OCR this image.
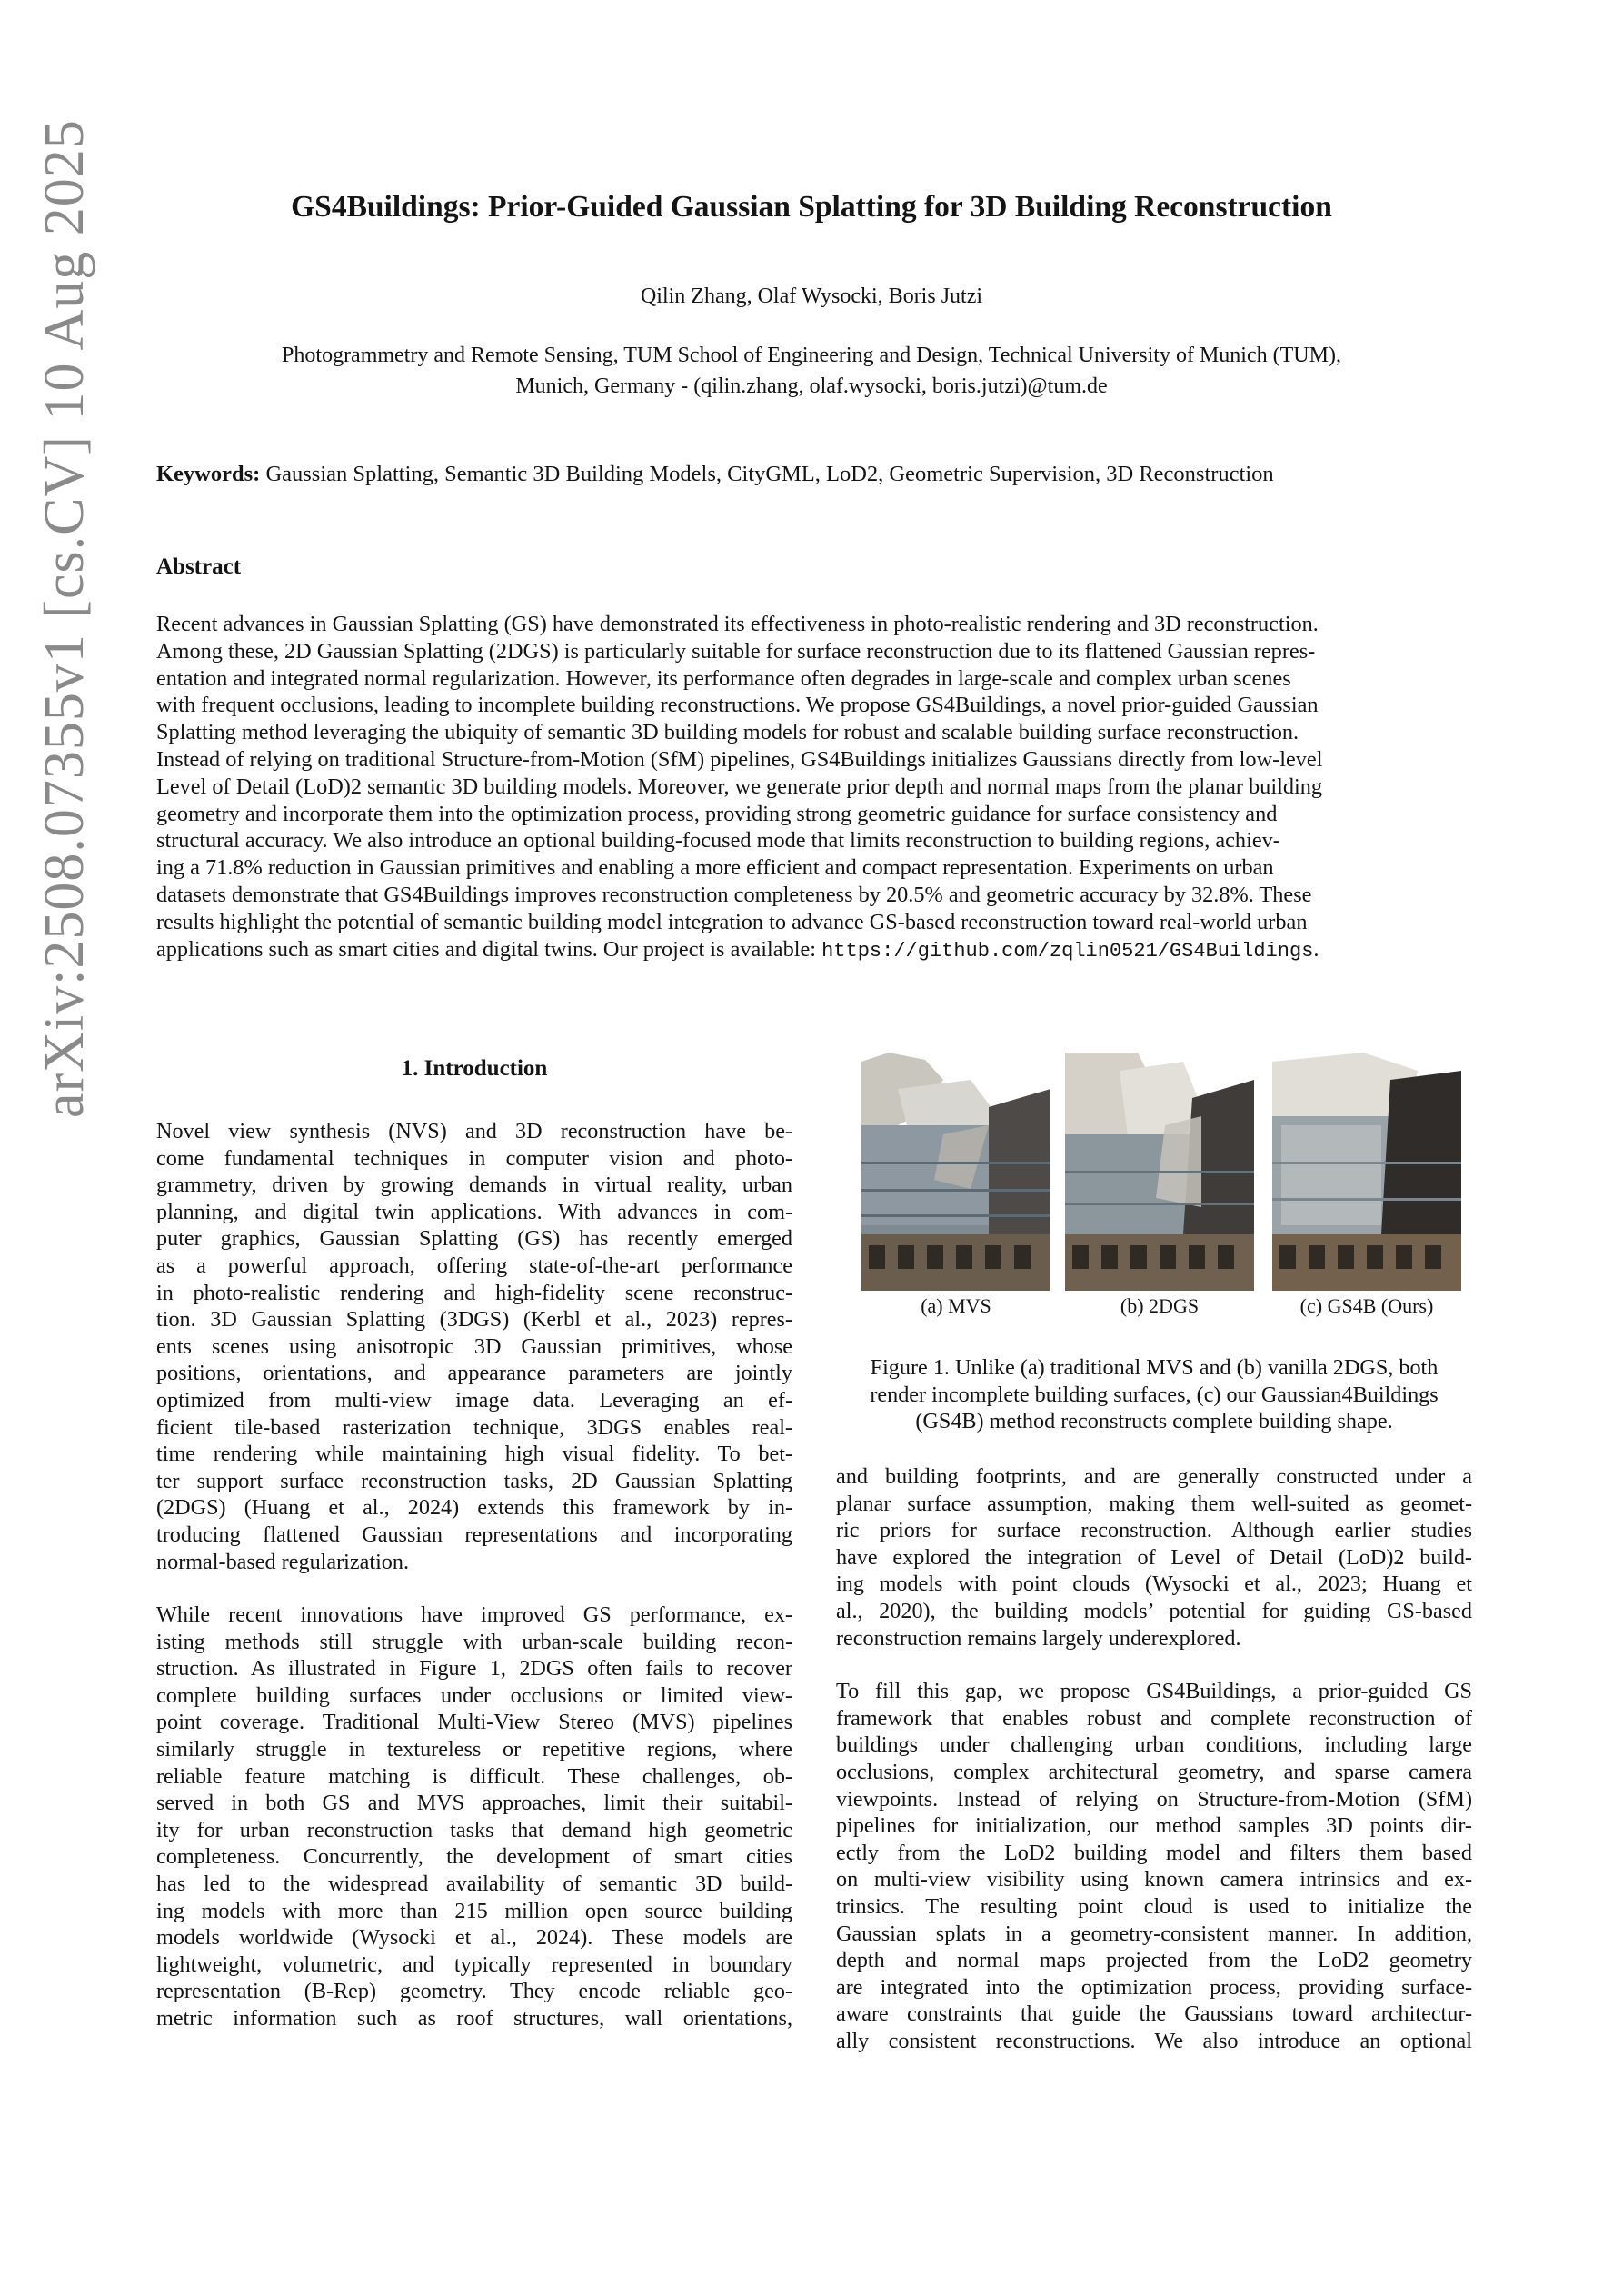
arXiv:2508.07355v1 [cs.CV] 10 Aug 2025	GS4Buildings: Prior-Guided Gaussian Splatting for 3D Building Reconstruction
Qilin Zhang, Olaf Wysocki, Boris Jutzi
Photogrammetry and Remote Sensing, TUM School of Engineering and Design, Technical University of Munich (TUM),
Munich, Germany - (qilin.zhang, olaf.wysocki, boris.jutzi)@tum.de
Keywords: Gaussian Splatting, Semantic 3D Building Models, CityGML, LoD2, Geometric Supervision, 3D Reconstruction
Abstract
Recent advances in Gaussian Splatting (GS) have demonstrated its effectiveness in photo-realistic rendering and 3D reconstruction.
Among these, 2D Gaussian Splatting (2DGS) is particularly suitable for surface reconstruction due to its flattened Gaussian repres-
entation and integrated normal regularization. However, its performance often degrades in large-scale and complex urban scenes
with frequent occlusions, leading to incomplete building reconstructions. We propose GS4Buildings, a novel prior-guided Gaussian
Splatting method leveraging the ubiquity of semantic 3D building models for robust and scalable building surface reconstruction.
Instead of relying on traditional Structure-from-Motion (SfM) pipelines, GS4Buildings initializes Gaussians directly from low-level
Level of Detail (LoD)2 semantic 3D building models. Moreover, we generate prior depth and normal maps from the planar building
geometry and incorporate them into the optimization process, providing strong geometric guidance for surface consistency and
structural accuracy. We also introduce an optional building-focused mode that limits reconstruction to building regions, achiev-
ing a 71.8% reduction in Gaussian primitives and enabling a more efficient and compact representation. Experiments on urban
datasets demonstrate that GS4Buildings improves reconstruction completeness by 20.5% and geometric accuracy by 32.8%. These
results highlight the potential of semantic building model integration to advance GS-based reconstruction toward real-world urban
applications such as smart cities and digital twins. Our project is available: https://github.com/zqlin0521/GS4Buildings.
1. Introduction
Novel view synthesis (NVS) and 3D reconstruction have be-
come fundamental techniques in computer vision and photo-
grammetry, driven by growing demands in virtual reality, urban
planning, and digital twin applications. With advances in com-
puter graphics, Gaussian Splatting (GS) has recently emerged
as a powerful approach, offering state-of-the-art performance
in photo-realistic rendering and high-fidelity scene reconstruc-
tion. 3D Gaussian Splatting (3DGS) (Kerbl et al., 2023) repres-
ents scenes using anisotropic 3D Gaussian primitives, whose
positions, orientations, and appearance parameters are jointly
optimized from multi-view image data. Leveraging an ef-
ficient tile-based rasterization technique, 3DGS enables real-
time rendering while maintaining high visual fidelity. To bet-
ter support surface reconstruction tasks, 2D Gaussian Splatting
(2DGS) (Huang et al., 2024) extends this framework by in-
troducing flattened Gaussian representations and incorporating
normal-based regularization.
While recent innovations have improved GS performance, ex-
isting methods still struggle with urban-scale building recon-
struction. As illustrated in Figure 1, 2DGS often fails to recover
complete building surfaces under occlusions or limited view-
point coverage. Traditional Multi-View Stereo (MVS) pipelines
similarly struggle in textureless or repetitive regions, where
reliable feature matching is difficult. These challenges, ob-
served in both GS and MVS approaches, limit their suitabil-
ity for urban reconstruction tasks that demand high geometric
completeness. Concurrently, the development of smart cities
has led to the widespread availability of semantic 3D build-
ing models with more than 215 million open source building
models worldwide (Wysocki et al., 2024). These models are
lightweight, volumetric, and typically represented in boundary
representation (B-Rep) geometry. They encode reliable geo-
metric information such as roof structures, wall orientations,
(a) MVS	(b) 2DGS	(c) GS4B (Ours)
Figure 1. Unlike (a) traditional MVS and (b) vanilla 2DGS, both
render incomplete building surfaces, (c) our Gaussian4Buildings
(GS4B) method reconstructs complete building shape.
and building footprints, and are generally constructed under a
planar surface assumption, making them well-suited as geomet-
ric priors for surface reconstruction. Although earlier studies
have explored the integration of Level of Detail (LoD)2 build-
ing models with point clouds (Wysocki et al., 2023; Huang et
al., 2020), the building models’ potential for guiding GS-based
reconstruction remains largely underexplored.
To fill this gap, we propose GS4Buildings, a prior-guided GS
framework that enables robust and complete reconstruction of
buildings under challenging urban conditions, including large
occlusions, complex architectural geometry, and sparse camera
viewpoints. Instead of relying on Structure-from-Motion (SfM)
pipelines for initialization, our method samples 3D points dir-
ectly from the LoD2 building model and filters them based
on multi-view visibility using known camera intrinsics and ex-
trinsics. The resulting point cloud is used to initialize the
Gaussian splats in a geometry-consistent manner. In addition,
depth and normal maps projected from the LoD2 geometry
are integrated into the optimization process, providing surface-
aware constraints that guide the Gaussians toward architectur-
ally consistent reconstructions. We also introduce an optional
